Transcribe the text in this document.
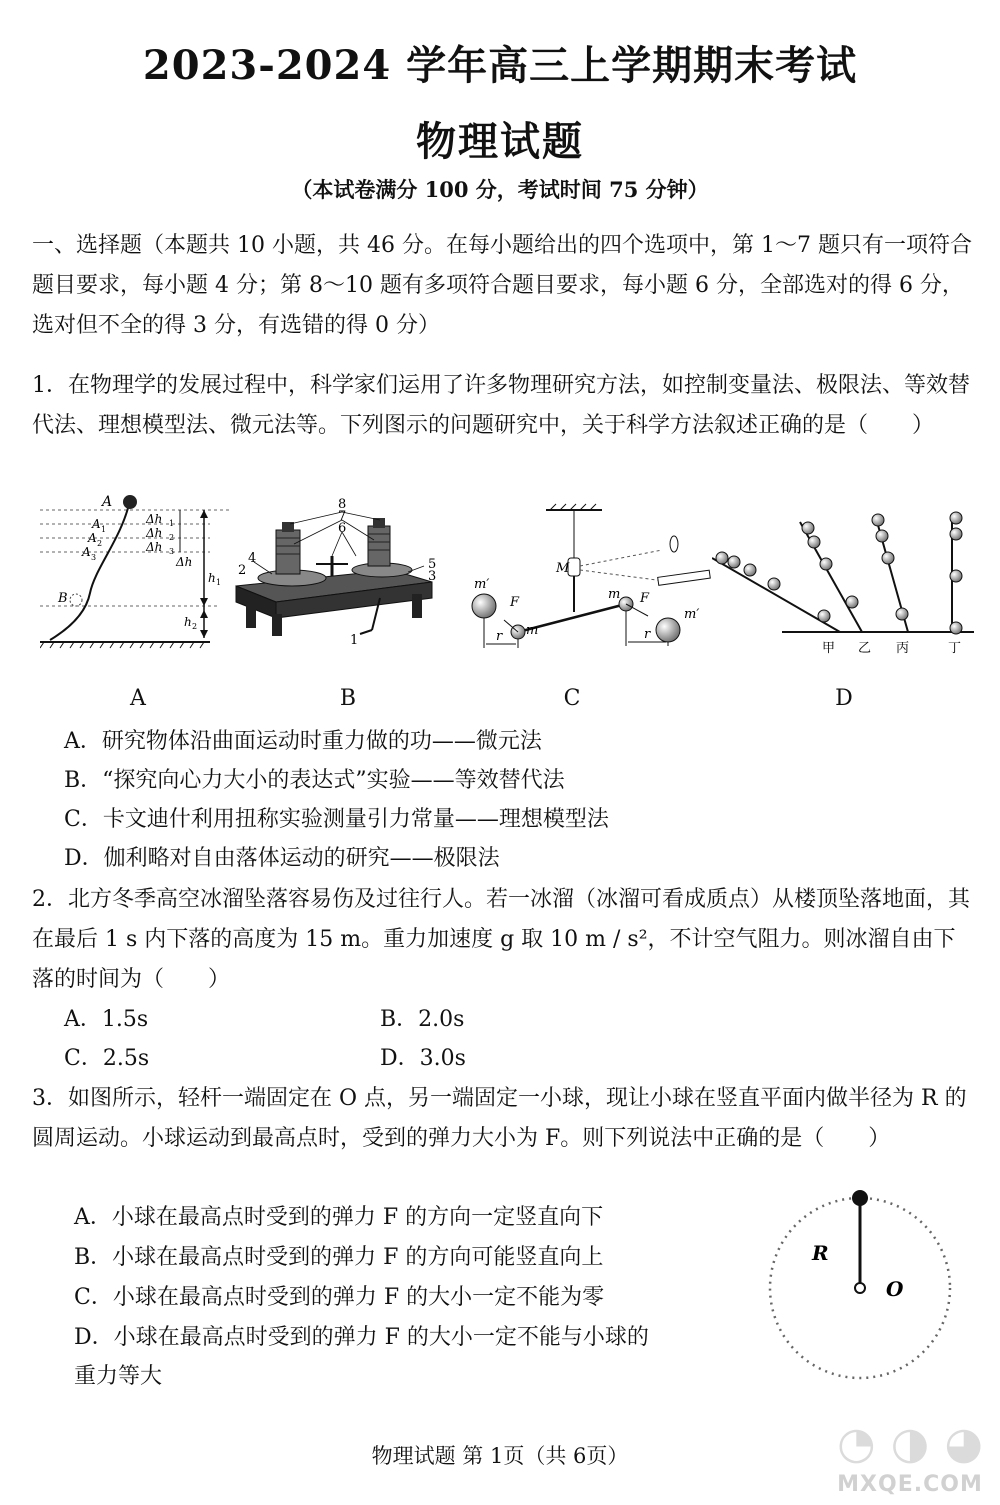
2023-2024 学年高三上学期期末考试
物理试题
（本试卷满分 100 分，考试时间 75 分钟）
一、选择题（本题共 10 小题，共 46 分。在每小题给出的四个选项中，第 1～7 题只有一项符合题目要求，每小题 4 分；第 8～10 题有多项符合题目要求，每小题 6 分，全部选对的得 6 分，选对但不全的得 3 分，有选错的得 0 分）
1．在物理学的发展过程中，科学家们运用了许多物理研究方法，如控制变量法、极限法、等效替代法、理想模型法、微元法等。下列图示的问题研究中，关于科学方法叙述正确的是（　　）
A
A 1
A 2
A 3
B
Δh 1
Δh 2
Δh 3
Δh
h 1
h 2
8
7
6
4
2	5
3
1
M
m′
F
m
r
m F
m′
r
甲 乙 丙	丁
A	B	C	D
A．研究物体沿曲面运动时重力做的功——微元法
B．“探究向心力大小的表达式”实验——等效替代法
C．卡文迪什利用扭称实验测量引力常量——理想模型法
D．伽利略对自由落体运动的研究——极限法
2．北方冬季高空冰溜坠落容易伤及过往行人。若一冰溜（冰溜可看成质点）从楼顶坠落地面，其在最后 1 s 内下落的高度为 15 m。重力加速度 g 取 10 m / s²，不计空气阻力。则冰溜自由下落的时间为（　　）
A．1.5s	B．2.0s
C．2.5s	D．3.0s
3．如图所示，轻杆一端固定在 O 点，另一端固定一小球，现让小球在竖直平面内做半径为 R 的圆周运动。小球运动到最高点时，受到的弹力大小为 F。则下列说法中正确的是（　　）
A．小球在最高点时受到的弹力 F 的方向一定竖直向下
B．小球在最高点时受到的弹力 F 的方向可能竖直向上
C．小球在最高点时受到的弹力 F 的大小一定不能为零
D．小球在最高点时受到的弹力 F 的大小一定不能与小球的重力等大
R
O
物理试题 第 1页（共 6页）	◔ ◑ ◕
MXQE.COM
